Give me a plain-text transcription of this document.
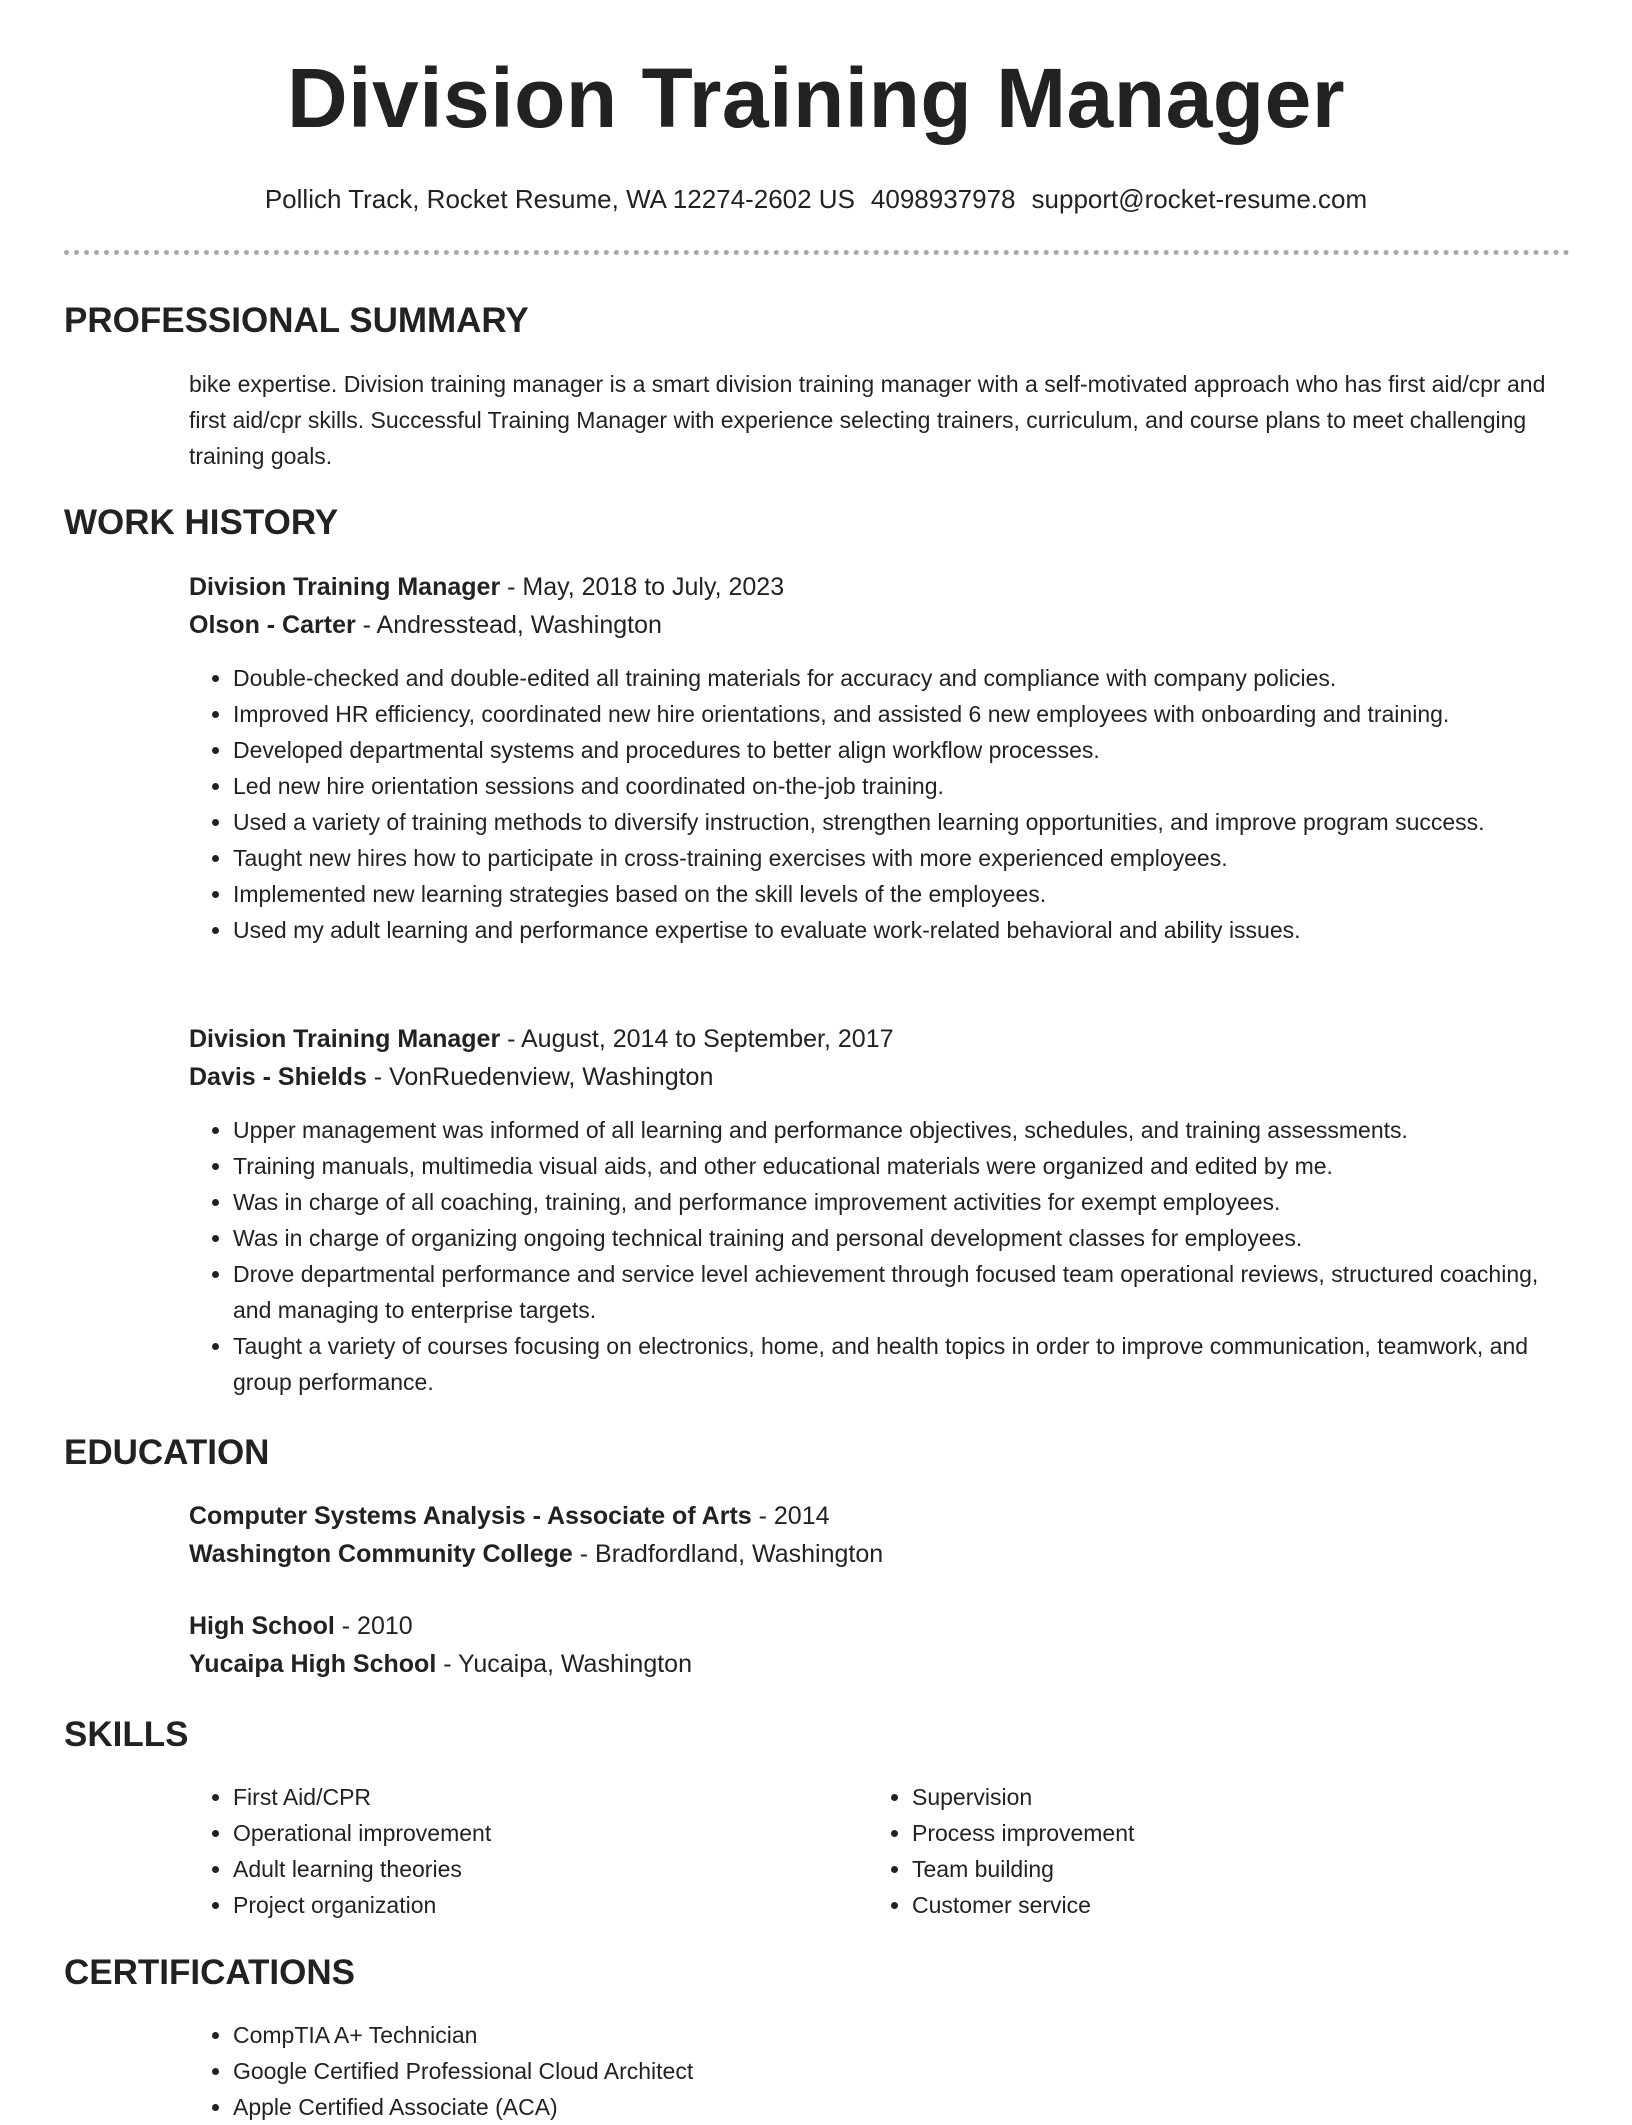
Division Training Manager
Pollich Track, Rocket Resume, WA 12274-2602 US 4098937978 support@rocket-resume.com
PROFESSIONAL SUMMARY

bike expertise. Division training manager is a smart division training manager with a self-motivated approach who has first aid/cpr and first aid/cpr skills. Successful Training Manager with experience selecting trainers, curriculum, and course plans to meet challenging training goals.

WORK HISTORY

Division Training Manager - May, 2018 to July, 2023

Olson - Carter - Andresstead, Washington

• Double-checked and double-edited all training materials for accuracy and compliance with company policies.
• Improved HR efficiency, coordinated new hire orientations, and assisted 6 new employees with onboarding and training.
• Developed departmental systems and procedures to better align workflow processes.
• Led new hire orientation sessions and coordinated on-the-job training.
• Used a variety of training methods to diversify instruction, strengthen learning opportunities, and improve program success.
• Taught new hires how to participate in cross-training exercises with more experienced employees.
• Implemented new learning strategies based on the skill levels of the employees.
• Used my adult learning and performance expertise to evaluate work-related behavioral and ability issues.

Division Training Manager - August, 2014 to September, 2017

Davis - Shields - VonRuedenview, Washington

• Upper management was informed of all learning and performance objectives, schedules, and training assessments.
• Training manuals, multimedia visual aids, and other educational materials were organized and edited by me.
• Was in charge of all coaching, training, and performance improvement activities for exempt employees.
• Was in charge of organizing ongoing technical training and personal development classes for employees.
• Drove departmental performance and service level achievement through focused team operational reviews, structured coaching, and managing to enterprise targets.
• Taught a variety of courses focusing on electronics, home, and health topics in order to improve communication, teamwork, and group performance.
EDUCATION

Computer Systems Analysis - Associate of Arts - 2014

Washington Community College - Bradfordland, Washington

High School - 2010

Yucaipa High School - Yucaipa, Washington

SKILLS
• First Aid/CPR
• Operational improvement
• Adult learning theories
• Project organization
• Supervision
• Process improvement
• Team building
• Customer service
CERTIFICATIONS
• CompTIA A+ Technician
• Google Certified Professional Cloud Architect
• Apple Certified Associate (ACA)
